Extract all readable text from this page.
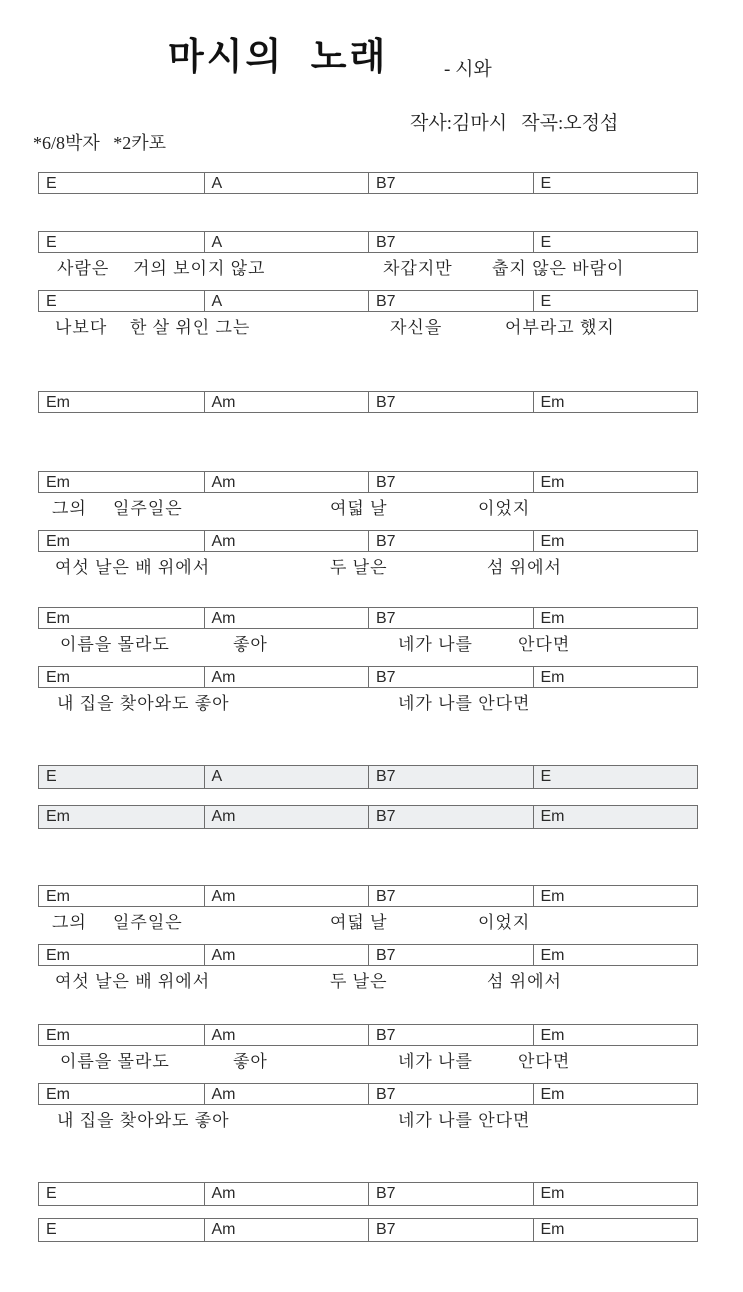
마시의  노래	- 시와
작사:김마시   작곡:오정섭
*6/8박자   *2카포
E	A	B7	E
E	A	B7	E
사람은 거의 보이지 않고	차갑지만 춥지 않은 바람이
E	A	B7	E
나보다 한 살 위인 그는	자신을	어부라고 했지
Em	Am	B7	Em
Em	Am	B7	Em
그의 일주일은	여덟 날	이었지
Em	Am	B7	Em
여섯 날은 배 위에서	두 날은	섬 위에서
Em	Am	B7	Em
이름을 몰라도	좋아	네가 나를	안다면
Em	Am	B7	Em
내 집을 찾아와도 좋아	네가 나를 안다면
E	A	B7	E
Em	Am	B7	Em
Em	Am	B7	Em
그의 일주일은	여덟 날	이었지
Em	Am	B7	Em
여섯 날은 배 위에서	두 날은	섬 위에서
Em	Am	B7	Em
이름을 몰라도	좋아	네가 나를	안다면
Em	Am	B7	Em
내 집을 찾아와도 좋아	네가 나를 안다면
E	Am	B7	Em
E	Am	B7	Em
